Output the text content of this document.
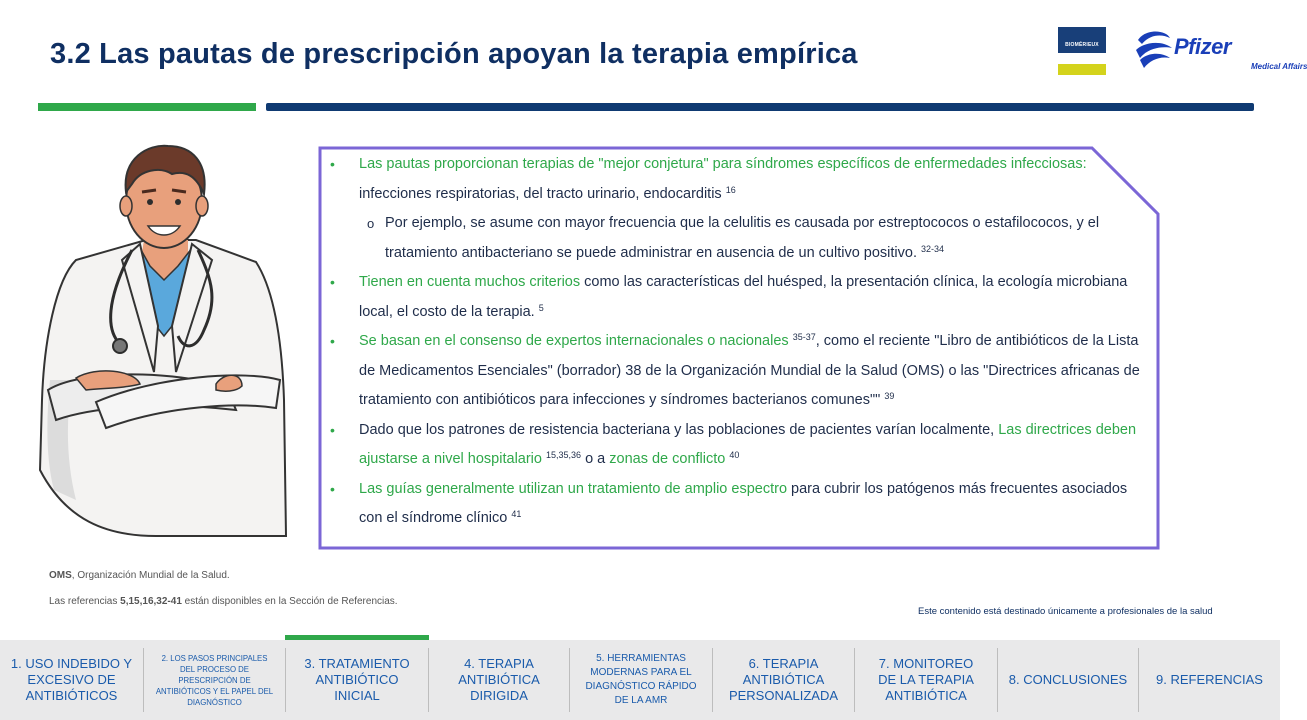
3.2 Las pautas de prescripción apoyan la terapia empírica	BIOMÉRIEUX	Pfizer
Medical Affairs
• Las pautas proporcionan terapias de "mejor conjetura" para síndromes específicos de enfermedades infecciosas: infecciones respiratorias, del tracto urinario, endocarditis $^{16}$
o Por ejemplo, se asume con mayor frecuencia que la celulitis es causada por estreptococos o estafilococos, y el tratamiento antibacteriano se puede administrar en ausencia de un cultivo positivo. $^{32-34}$
• Tienen en cuenta muchos criterios como las características del huésped, la presentación clínica, la ecología microbiana local, el costo de la terapia. $^5$
• Se basan en el consenso de expertos internacionales o nacionales $^{35-37}$, como el reciente "Libro de antibióticos de la Lista de Medicamentos Esenciales" (borrador) 38 de la Organización Mundial de la Salud (OMS) o las "Directrices africanas de tratamiento con antibióticos para infecciones y síndromes bacterianos comunes"" $^{39}$
• Dado que los patrones de resistencia bacteriana y las poblaciones de pacientes varían localmente, Las directrices deben ajustarse a nivel hospitalario $^{15,35,36}$ o a zonas de conflicto $^{40}$
• Las guías generalmente utilizan un tratamiento de amplio espectro para cubrir los patógenos más frecuentes asociados con el síndrome clínico $^{41}$
OMS, Organización Mundial de la Salud.
Las referencias 5,15,16,32-41 están disponibles en la Sección de Referencias.
Este contenido está destinado únicamente a profesionales de la salud
1. USO INDEBIDO Y EXCESIVO DE ANTIBIÓTICOS
2. LOS PASOS PRINCIPALES DEL PROCESO DE PRESCRIPCIÓN DE ANTIBIÓTICOS Y EL PAPEL DEL DIAGNÓSTICO
3. TRATAMIENTO ANTIBIÓTICO INICIAL
4. TERAPIA ANTIBIÓTICA DIRIGIDA
5. HERRAMIENTAS MODERNAS PARA EL DIAGNÓSTICO RÁPIDO DE LA AMR
6. TERAPIA ANTIBIÓTICA PERSONALIZADA
7. MONITOREO DE LA TERAPIA ANTIBIÓTICA
8. CONCLUSIONES 9. REFERENCIAS
